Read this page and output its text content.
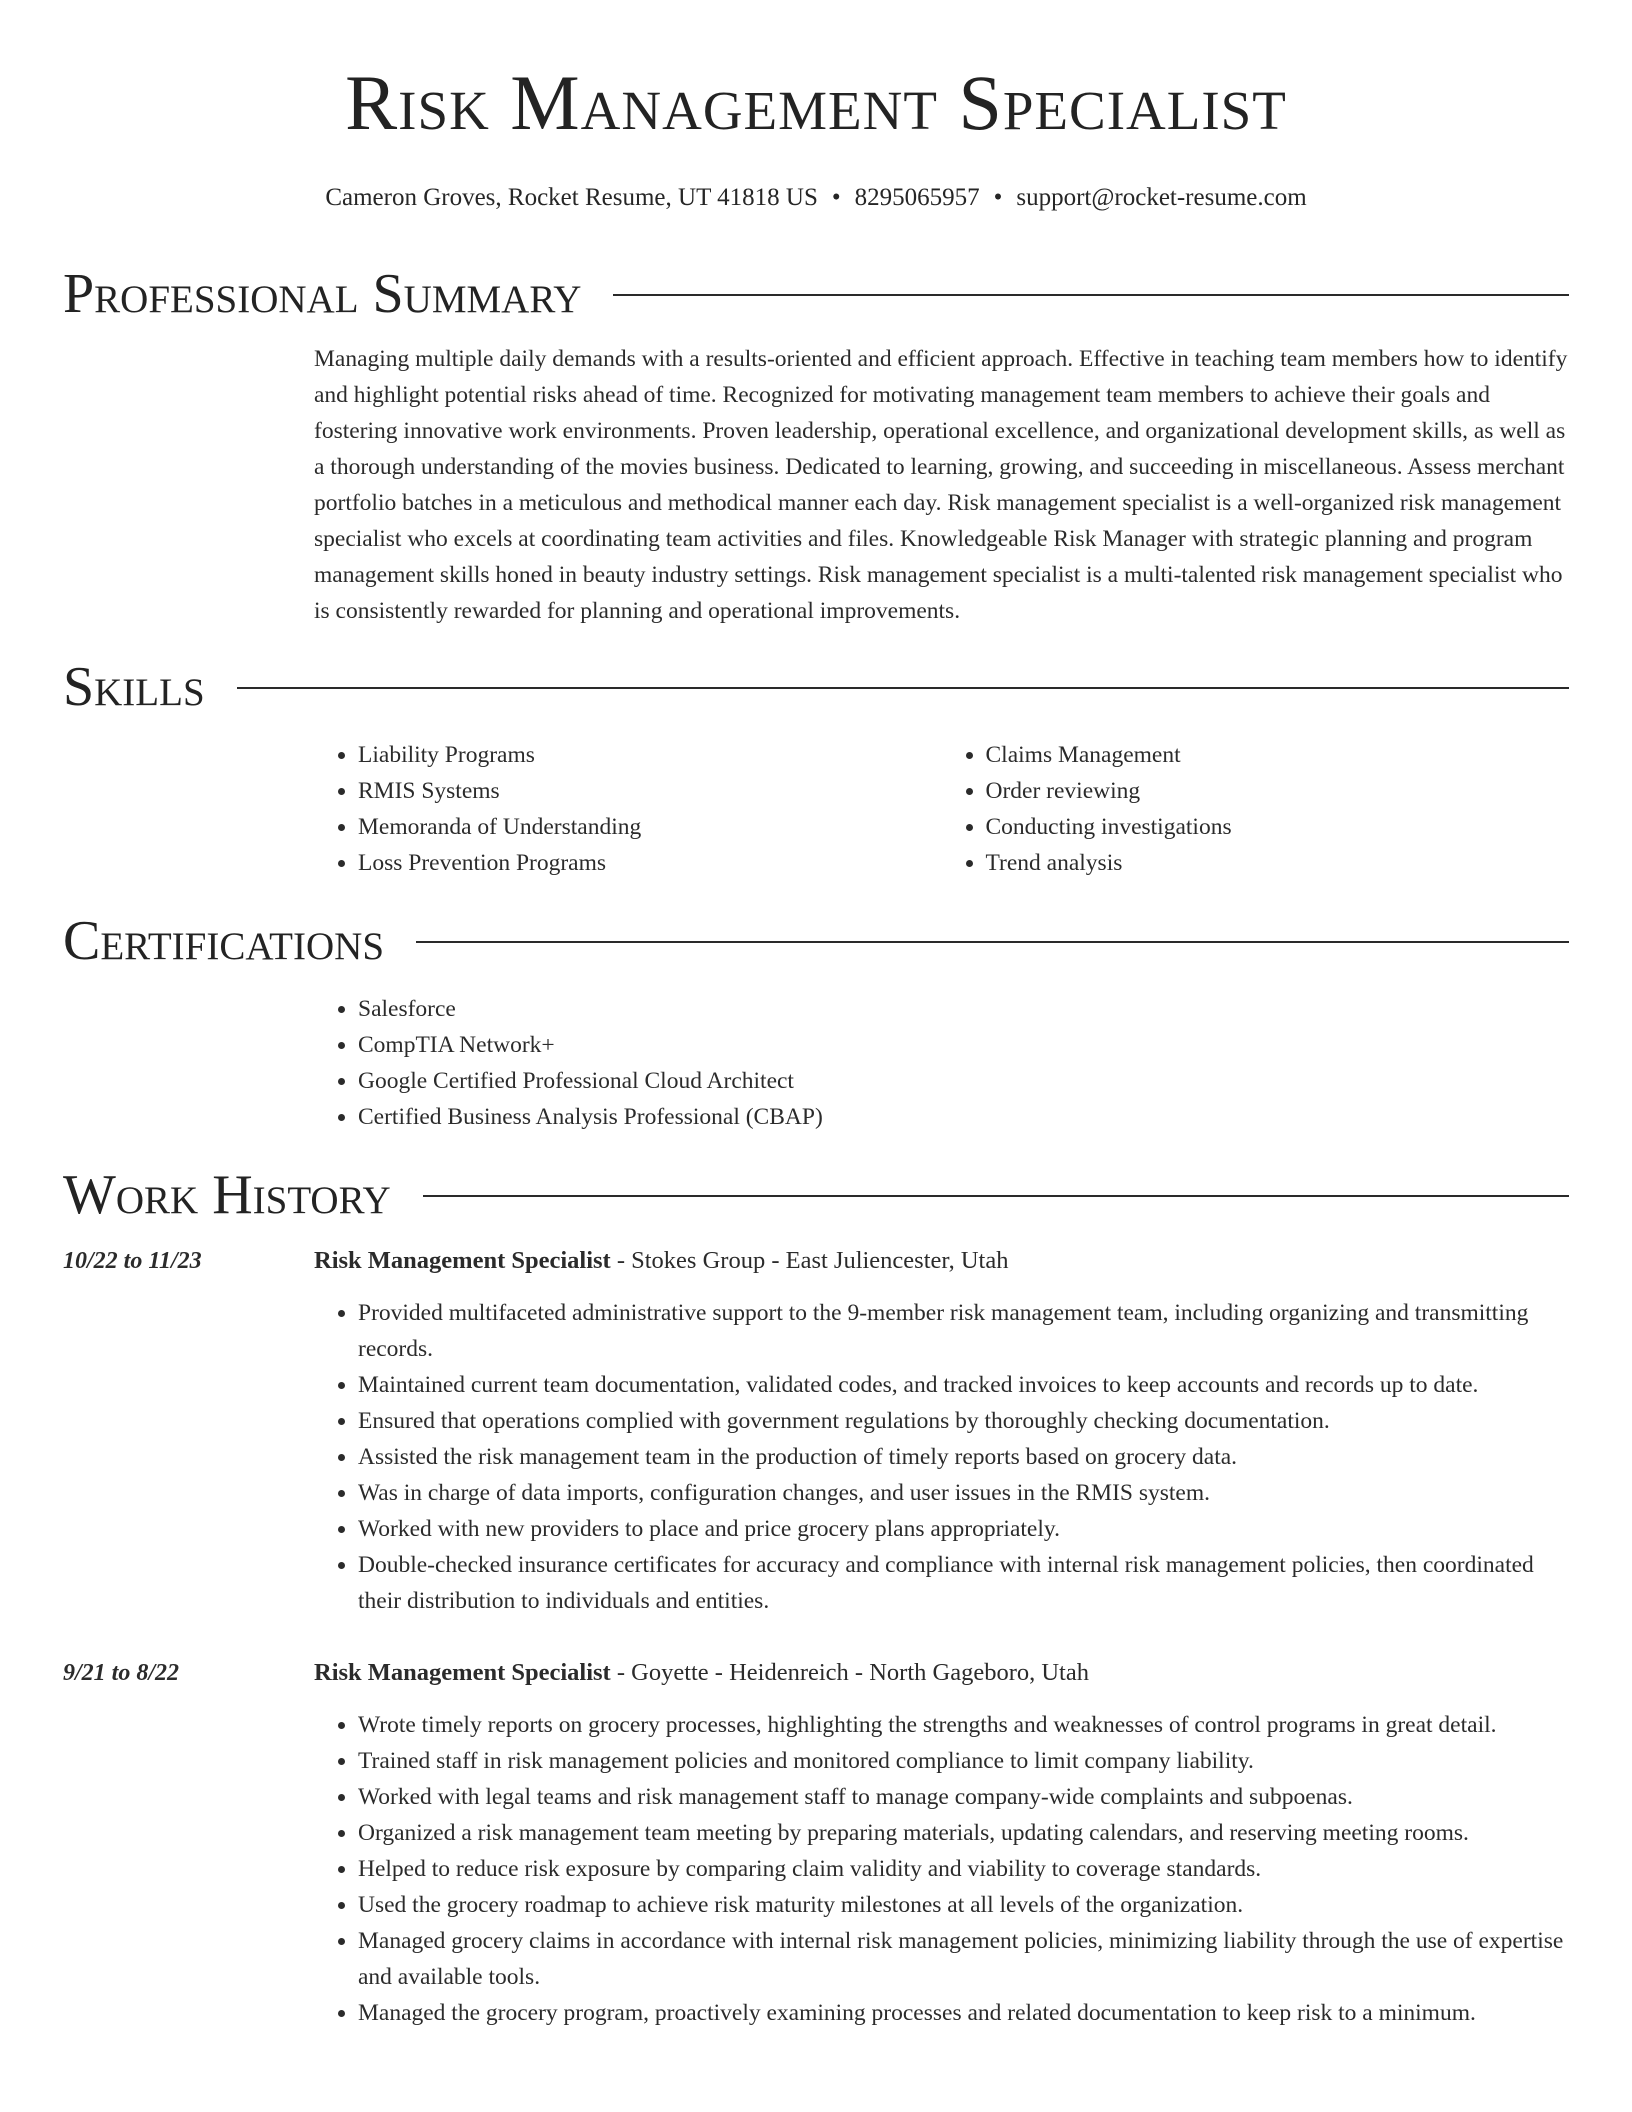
Risk Management Specialist
Cameron Groves, Rocket Resume, UT 41818 US • 8295065957 • support@rocket-resume.com
Professional Summary
Managing multiple daily demands with a results-oriented and efficient approach. Effective in teaching team members how to identify and highlight potential risks ahead of time. Recognized for motivating management team members to achieve their goals and fostering innovative work environments. Proven leadership, operational excellence, and organizational development skills, as well as a thorough understanding of the movies business. Dedicated to learning, growing, and succeeding in miscellaneous. Assess merchant portfolio batches in a meticulous and methodical manner each day. Risk management specialist is a well-organized risk management specialist who excels at coordinating team activities and files. Knowledgeable Risk Manager with strategic planning and program management skills honed in beauty industry settings. Risk management specialist is a multi-talented risk management specialist who is consistently rewarded for planning and operational improvements.
Skills
• Liability Programs
• RMIS Systems
• Memoranda of Understanding
• Loss Prevention Programs
• Claims Management
• Order reviewing
• Conducting investigations
• Trend analysis
Certifications
• Salesforce
• CompTIA Network+
• Google Certified Professional Cloud Architect
• Certified Business Analysis Professional (CBAP)
Work History
10/22 to 11/23	Risk Management Specialist - Stokes Group - East Juliencester, Utah
• Provided multifaceted administrative support to the 9-member risk management team, including organizing and transmitting records.
• Maintained current team documentation, validated codes, and tracked invoices to keep accounts and records up to date.
• Ensured that operations complied with government regulations by thoroughly checking documentation.
• Assisted the risk management team in the production of timely reports based on grocery data.
• Was in charge of data imports, configuration changes, and user issues in the RMIS system.
• Worked with new providers to place and price grocery plans appropriately.
• Double-checked insurance certificates for accuracy and compliance with internal risk management policies, then coordinated their distribution to individuals and entities.
9/21 to 8/22	Risk Management Specialist - Goyette - Heidenreich - North Gageboro, Utah
• Wrote timely reports on grocery processes, highlighting the strengths and weaknesses of control programs in great detail.
• Trained staff in risk management policies and monitored compliance to limit company liability.
• Worked with legal teams and risk management staff to manage company-wide complaints and subpoenas.
• Organized a risk management team meeting by preparing materials, updating calendars, and reserving meeting rooms.
• Helped to reduce risk exposure by comparing claim validity and viability to coverage standards.
• Used the grocery roadmap to achieve risk maturity milestones at all levels of the organization.
• Managed grocery claims in accordance with internal risk management policies, minimizing liability through the use of expertise and available tools.
• Managed the grocery program, proactively examining processes and related documentation to keep risk to a minimum.
